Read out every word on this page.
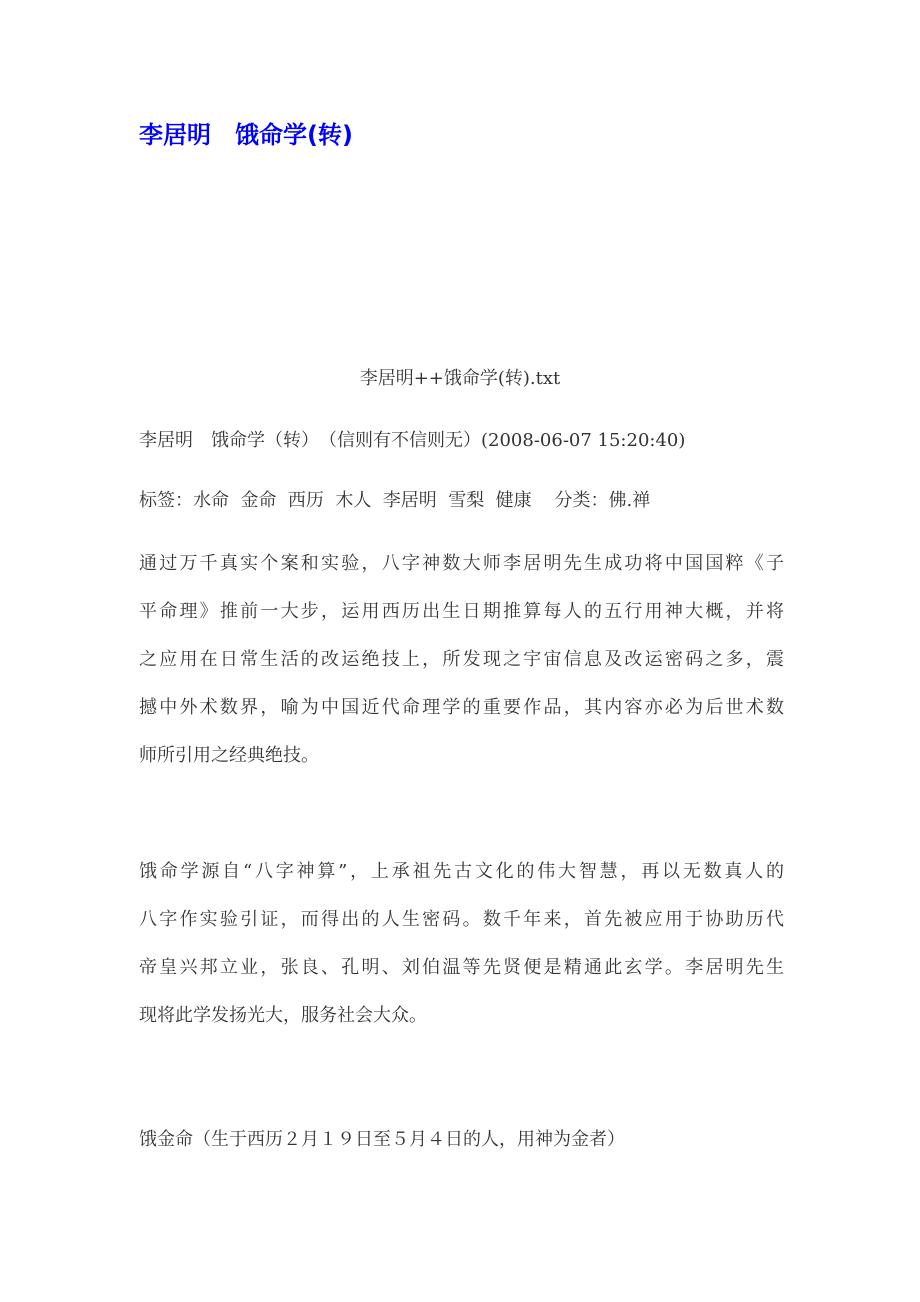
李居明　饿命学(转)
李居明++饿命学(转).txt
李居明　饿命学（转）　（信则有不信则无）(2008-06-07 15:20:40)
标签：水命  金命  西历  木人  李居明  雪梨  健康    分类：佛.禅

通过万千真实个案和实验，八字神数大师李居明先生成功将中国国粹《子
平命理》推前一大步，运用西历出生日期推算每人的五行用神大概，并将
之应用在日常生活的改运绝技上，所发现之宇宙信息及改运密码之多，震
撼中外术数界，喻为中国近代命理学的重要作品，其内容亦必为后世术数
师所引用之经典绝技。

饿命学源自“八字神算”，上承祖先古文化的伟大智慧，再以无数真人的
八字作实验引证，而得出的人生密码。数千年来，首先被应用于协助历代
帝皇兴邦立业，张良、孔明、刘伯温等先贤便是精通此玄学。李居明先生
现将此学发扬光大，服务社会大众。

饿金命（生于西历２月１９日至５月４日的人，用神为金者）
